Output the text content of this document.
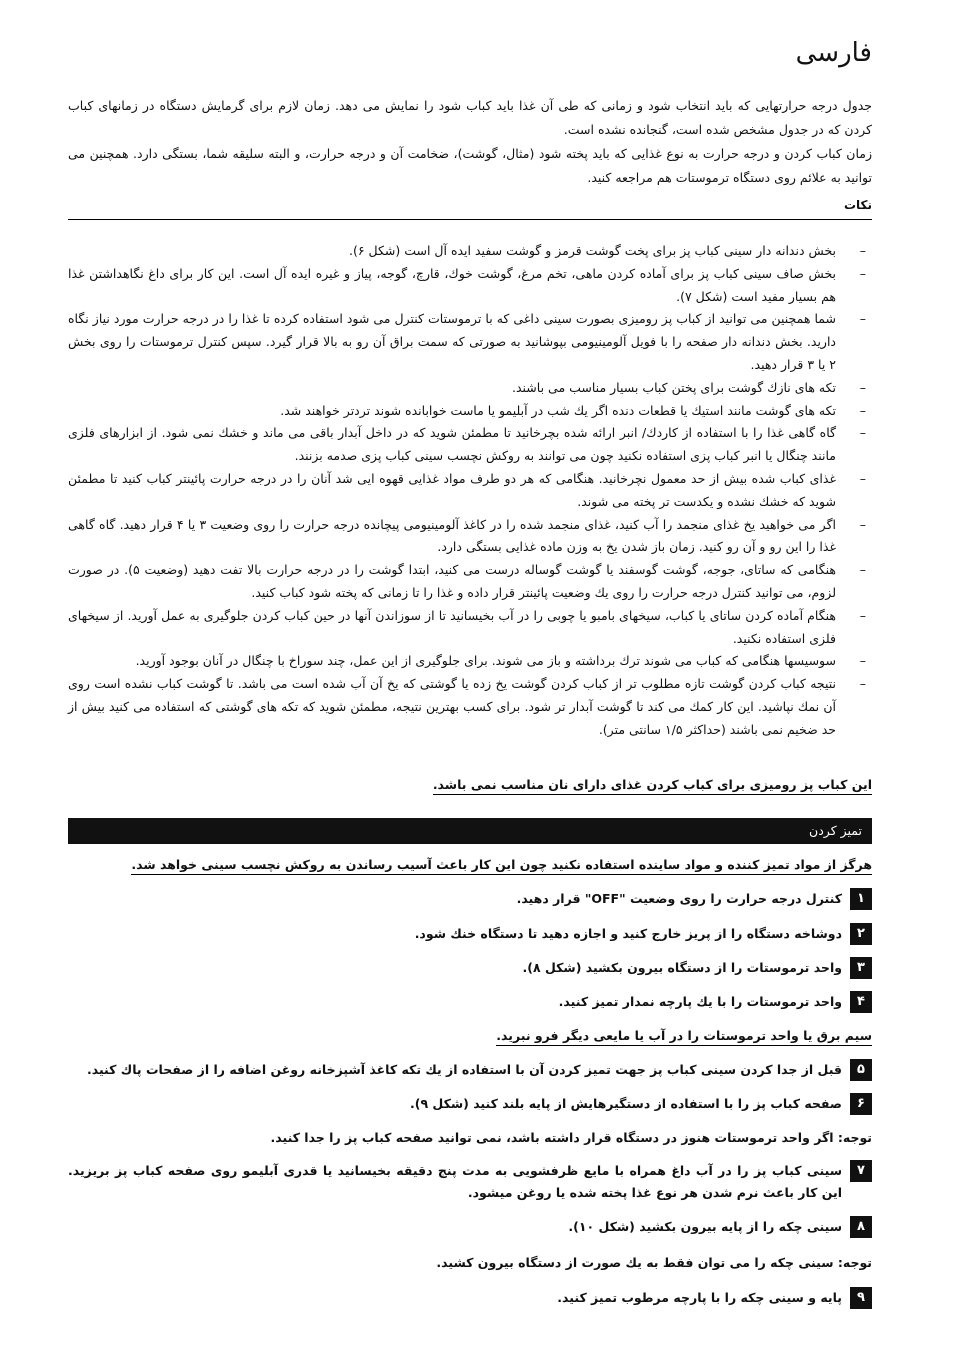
فارسی

جدول درجه حرارتهایی که باید انتخاب شود و زمانی که طی آن غذا باید کباب شود را نمایش می دهد. زمان لازم برای گرمایش دستگاه در زمانهای کباب کردن که در جدول مشخص شده است، گنجانده نشده است.

زمان کباب کردن و درجه حرارت به نوع غذایی که باید پخته شود (مثال، گوشت)، ضخامت آن و درجه حرارت، و البته سلیقه شما، بستگی دارد. همچنین می توانید به علائم روی دستگاه ترموستات هم مراجعه کنید.

نکات
–
بخش دندانه دار سینی کباب پز برای پخت گوشت قرمز و گوشت سفید ایده آل است (شکل ۶).
–
بخش صاف سینی کباب پز برای آماده کردن ماهی، تخم مرغ، گوشت خوك، قارچ، گوجه، پیاز و غیره ایده آل است. این کار برای داغ نگاهداشتن غذا هم بسیار مفید است (شکل ۷).
–
شما همچنین می توانید از کباب پز رومیزی بصورت سینی داغی که با ترموستات کنترل می شود استفاده کرده تا غذا را در درجه حرارت مورد نیاز نگاه دارید. بخش دندانه دار صفحه را با فویل آلومینیومی بپوشانید به صورتی که سمت براق آن رو به بالا قرار گیرد. سپس کنترل ترموستات را روی بخش ۲ یا ۳ قرار دهید.
–
تکه های نازك گوشت برای پختن کباب بسیار مناسب می باشند.
–
تکه های گوشت مانند استیك یا قطعات دنده اگر یك شب در آبلیمو یا ماست خوابانده شوند تردتر خواهند شد.
–
گاه گاهی غذا را با استفاده از کاردك/ انبر ارائه شده بچرخانید تا مطمئن شوید که در داخل آبدار باقی می ماند و خشك نمی شود. از ابزارهای فلزی مانند چنگال یا انبر کباب پزی استفاده نکنید چون می توانند به روکش نچسب سینی کباب پزی صدمه بزنند.
–
غذای کباب شده بیش از حد معمول نچرخانید. هنگامی که هر دو طرف مواد غذایی قهوه ایی شد آنان را در درجه حرارت پائینتر کباب کنید تا مطمئن شوید که خشك نشده و یکدست تر پخته می شوند.
–
اگر می خواهید یخ غذای منجمد را آب کنید، غذای منجمد شده را در کاغذ آلومینیومی پیچانده درجه حرارت را روی وضعیت ۳ یا ۴ قرار دهید. گاه گاهی غذا را این رو و آن رو کنید. زمان باز شدن یخ به وزن ماده غذایی بستگی دارد.
–
هنگامی که ساتای، جوجه، گوشت گوسفند یا گوشت گوساله درست می کنید، ابتدا گوشت را در درجه حرارت بالا تفت دهید (وضعیت ۵). در صورت لزوم، می توانید کنترل درجه حرارت را روی یك وضعیت پائینتر قرار داده و غذا را تا زمانی که پخته شود کباب کنید.
–
هنگام آماده کردن ساتای یا کباب، سیخهای بامبو یا چوبی را در آب بخیسانید تا از سوزاندن آنها در حین کباب کردن جلوگیری به عمل آورید. از سیخهای فلزی استفاده نکنید.
–
سوسیسها هنگامی که کباب می شوند ترك برداشته و باز می شوند. برای جلوگیری از این عمل، چند سوراخ با چنگال در آنان بوجود آورید.
–
نتیجه کباب کردن گوشت تازه مطلوب تر از کباب کردن گوشت یخ زده یا گوشتی که یخ آن آب شده است می باشد. تا گوشت کباب نشده است روی آن نمك نپاشید. این کار کمك می کند تا گوشت آبدار تر شود. برای کسب بهترین نتیجه، مطمئن شوید که تکه های گوشتی که استفاده می کنید بیش از حد ضخیم نمی باشند (حداکثر ۱/۵ سانتی متر).
این کباب پز رومیزی برای کباب کردن غذای دارای نان مناسب نمی باشد.
تمیز کردن
هرگز از مواد تمیز کننده و مواد ساینده استفاده نکنید چون این کار باعث آسیب رساندن به روکش نچسب سینی خواهد شد.
۱
کنترل درجه حرارت را روی وضعیت "OFF" قرار دهید.
۲
دوشاخه دستگاه را از پریز خارج کنید و اجازه دهید تا دستگاه خنك شود.
۳
واحد ترموستات را از دستگاه بیرون بکشید (شکل ۸).
۴
واحد ترموستات را با یك پارچه نمدار تمیز کنید.
سیم برق یا واحد ترموستات را در آب یا مایعی دیگر فرو نبرید.
۵
قبل از جدا کردن سینی کباب پز جهت تمیز کردن آن با استفاده از یك تکه کاغذ آشپزخانه روغن اضافه را از صفحات پاك کنید.
۶
صفحه کباب پز را با استفاده از دستگیرهایش از پایه بلند کنید (شکل ۹).
توجه: اگر واحد ترموستات هنوز در دستگاه قرار داشته باشد، نمی توانید صفحه کباب پز را جدا کنید.
۷
سینی کباب پز را در آب داغ همراه با مایع ظرفشویی به مدت پنج دقیقه بخیسانید یا قدری آبلیمو روی صفحه کباب پز بریزید. این کار باعث نرم شدن هر نوع غذا پخته شده یا روغن میشود.
۸
سینی چکه را از پایه بیرون بکشید (شکل ۱۰).
توجه: سینی چکه را می توان فقط به یك صورت از دستگاه بیرون کشید.
۹
پایه و سینی چکه را با پارچه مرطوب تمیز کنید.
